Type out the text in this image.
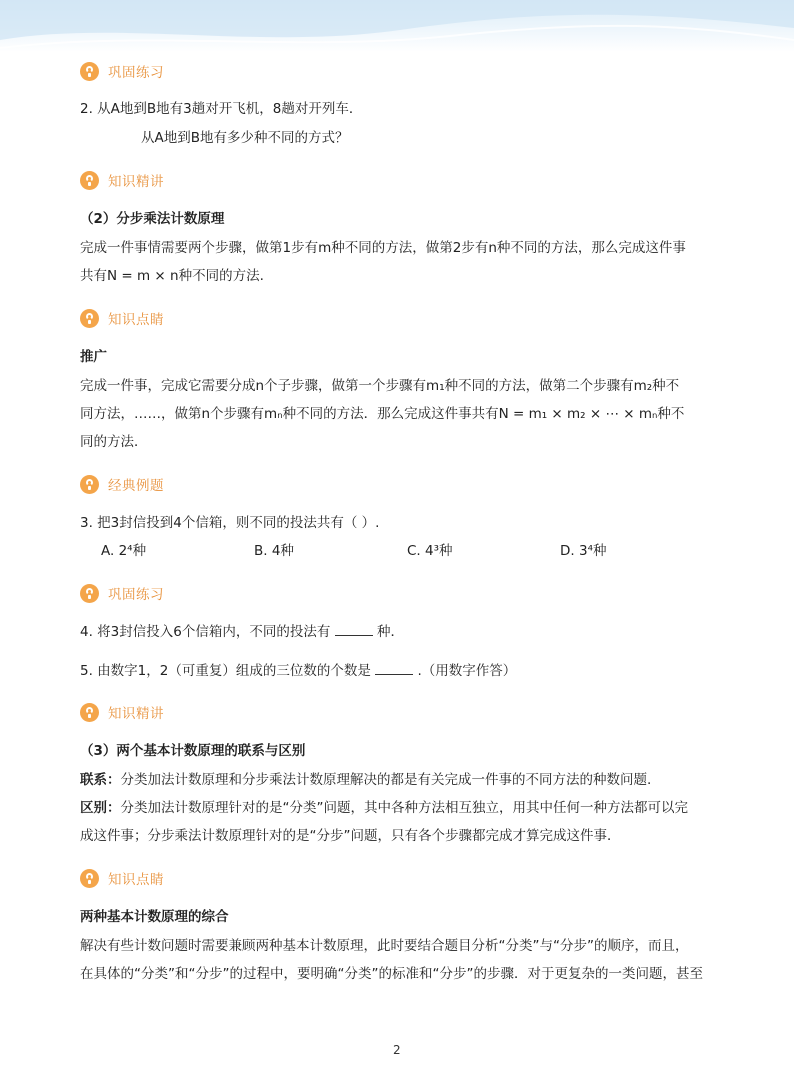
巩固练习
2. 从A地到B地有3趟对开飞机，8趟对开列车．
从A地到B地有多少种不同的方式？
知识精讲
（2）分步乘法计数原理
完成一件事情需要两个步骤，做第1步有m种不同的方法，做第2步有n种不同的方法，那么完成这件事
共有N = m × n种不同的方法.
知识点睛
推广
完成一件事，完成它需要分成n个子步骤，做第一个步骤有m₁种不同的方法，做第二个步骤有m₂种不
同方法，……，做第n个步骤有mₙ种不同的方法．那么完成这件事共有N = m₁ × m₂ × ⋯ × mₙ种不
同的方法．
经典例题
3. 把3封信投到4个信箱，则不同的投法共有（ ）.
A. 2⁴种	B. 4种	C. 4³种	D. 3⁴种
巩固练习
4. 将3封信投入6个信箱内，不同的投法有	种．
5. 由数字1，2（可重复）组成的三位数的个数是	.（用数字作答）
知识精讲
（3）两个基本计数原理的联系与区别
联系：分类加法计数原理和分步乘法计数原理解决的都是有关完成一件事的不同方法的种数问题.
区别：分类加法计数原理针对的是“分类”问题，其中各种方法相互独立，用其中任何一种方法都可以完
成这件事；分步乘法计数原理针对的是“分步”问题，只有各个步骤都完成才算完成这件事．
知识点睛
两种基本计数原理的综合
解决有些计数问题时需要兼顾两种基本计数原理，此时要结合题目分析“分类”与“分步”的顺序，而且，
在具体的“分类”和“分步”的过程中，要明确“分类”的标准和“分步”的步骤．对于更复杂的一类问题，甚至
2
